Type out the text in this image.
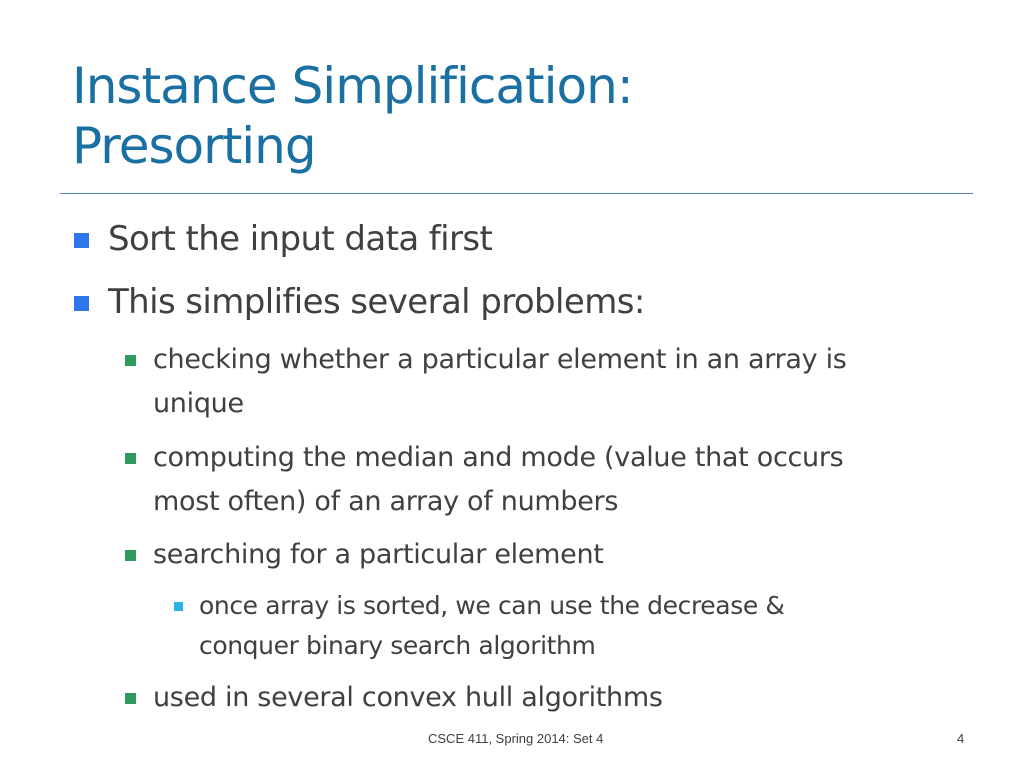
Instance Simplification:
Presorting
Sort the input data first
This simplifies several problems:
checking whether a particular element in an array is
unique
computing the median and mode (value that occurs
most often) of an array of numbers
searching for a particular element
once array is sorted, we can use the decrease &
conquer binary search algorithm
used in several convex hull algorithms
CSCE 411, Spring 2014: Set 4	4
